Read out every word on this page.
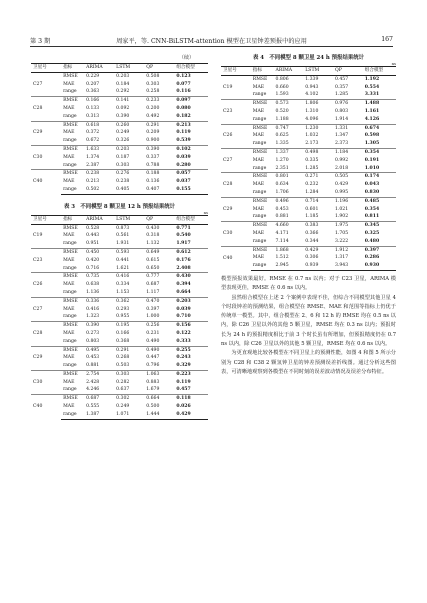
第 3 期	周家平，等. CNN-BiLSTM-attention 模型在卫星钟差预报中的应用	167
（续）
卫星号	指标	ARIMA	LSTM	QP	组合模型
C27	RMSE	0.229	0.203	0.508	0.123
	MAE	0.207	0.184	0.303	0.077
	range	0.363	0.292	0.258	0.116
C28	RMSE	0.166	0.141	0.233	0.097
	MAE	0.133	0.092	0.200	0.080
	range	0.313	0.390	0.492	0.182
C29	RMSE	0.618	0.260	0.291	0.213
	MAE	0.372	0.249	0.209	0.119
	range	0.672	0.326	0.900	0.539
C30	RMSE	1.633	0.203	0.390	0.102
	MAE	1.374	0.187	0.337	0.039
	range	2.387	0.303	0.788	0.280
C40	RMSE	0.238	0.276	0.188	0.057
	MAE	0.213	0.238	0.136	0.037
	range	0.502	0.405	0.407	0.155
表 3　不同模型 8 颗卫星 12 h 预报结果统计
ns
卫星号	指标	ARIMA	LSTM	QP	组合模型
C19	RMSE	0.528	0.873	0.430	0.771
	MAE	0.443	0.561	0.318	0.540
	range	0.951	1.931	1.132	1.917
C23	RMSE	0.450	0.593	0.649	0.612
	MAE	0.420	0.441	0.615	0.176
	range	0.716	1.621	0.650	2.408
C26	RMSE	0.735	0.416	0.777	0.430
	MAE	0.638	0.334	0.687	0.394
	range	1.136	1.153	1.117	0.664
C27	RMSE	0.336	0.362	0.470	0.203
	MAE	0.416	0.293	0.397	0.039
	range	1.323	0.955	1.000	0.710
C28	RMSE	0.390	0.195	0.256	0.156
	MAE	0.273	0.166	0.231	0.122
	range	0.803	0.368	0.490	0.333
C29	RMSE	0.495	0.291	0.490	0.255
	MAE	0.453	0.268	0.447	0.243
	range	0.881	0.503	0.796	0.329
C30	RMSE	2.754	0.303	1.063	0.223
	MAE	2.428	0.282	0.883	0.119
	range	4.246	0.637	1.679	0.457
C40	RMSE	0.687	0.302	0.664	0.118
	MAE	0.555	0.249	0.500	0.026
	range	1.387	1.071	1.444	0.429
表 4　不同模型 8 颗卫星 24 h 预报结果统计
ns
卫星号	指标	ARIMA	LSTM	QP	组合模型
C19	RMSE	0.806	1.339	0.457	1.192
	MAE	0.660	0.943	0.357	0.554
	range	1.593	4.102	1.285	3.331
C23	RMSE	0.573	1.806	0.976	1.488
	MAE	0.520	1.310	0.803	1.161
	range	1.188	4.096	1.914	4.126
C26	RMSE	0.747	1.230	1.331	0.674
	MAE	0.625	1.032	1.347	0.598
	range	1.335	2.173	2.373	1.305
C27	RMSE	1.337	0.498	1.184	0.354
	MAE	1.270	0.335	0.992	0.191
	range	2.351	1.285	2.018	1.010
C28	RMSE	0.801	0.271	0.505	0.174
	MAE	0.634	0.232	0.429	0.043
	range	1.706	1.284	0.995	0.830
C29	RMSE	0.496	0.714	1.196	0.485
	MAE	0.453	0.601	1.021	0.354
	range	0.881	1.185	1.902	0.811
C30	RMSE	4.660	0.383	1.975	0.345
	MAE	4.171	0.366	1.705	0.325
	range	7.114	0.344	3.222	0.480
C40	RMSE	1.868	0.429	1.912	0.397
	MAE	1.512	0.306	1.317	0.286
	range	2.945	0.939	3.943	0.930

模型预报效果最好。RMSE 在 0.7 ns 以内；对于 C23 卫星，ARIMA 模型表现更佳，RMSE 在 0.6 ns 以内。

虽然组合模型在上述 2 个案例中表现不佳，但综合不同模型其他卫星 4 个时段钟差的预测结果，组合模型在 RMSE、MAE 和范围等指标上仍优于传统单一模型。其中，组合模型在 2、6 和 12 h 的 RMSE 均在 0.5 ns 以内，除 C26 卫星以外的其他 5 颗卫星，RMSE 均在 0.3 ns 以内；预报时长为 24 h 的预报精度相比于前 3 个时长虽有所增加，但预报精度仍在 0.7 ns 以内，除 C26 卫星以外的其他 5 颗卫星，RMSE 均在 0.6 ns 以内。

为更直观地比较各模型在不同卫星上的预测性能，如图 4 和图 5 所示分别为 C28 和 C38 2 颗氢钟卫星的钟差预测误差折线图。通过分析这些图表，可清晰地观察到各模型在不同时刻的误差波动情况及误差分布特征。
